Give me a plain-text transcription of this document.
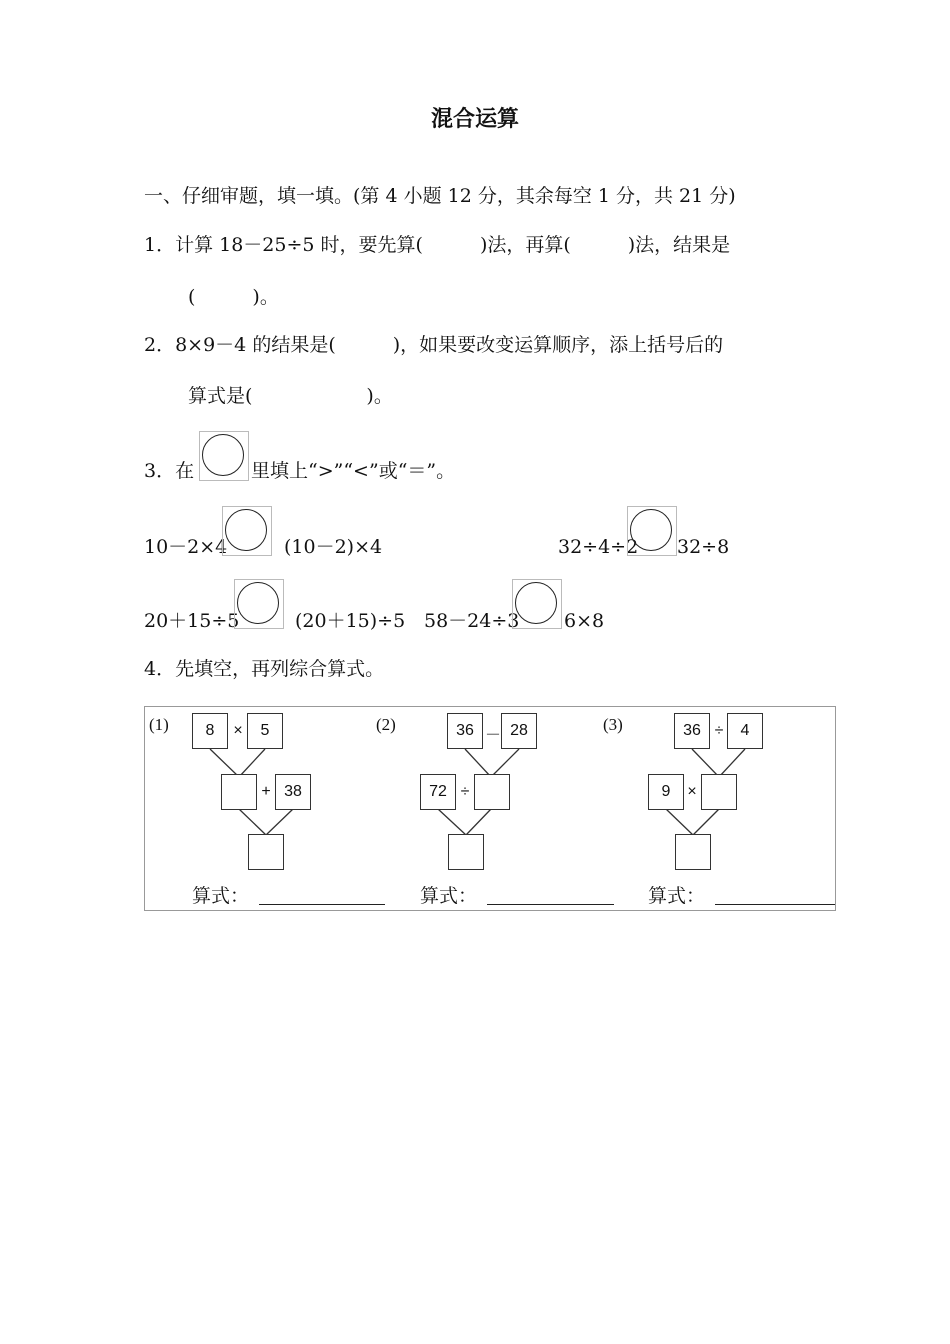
混合运算
一、仔细审题，填一填。(第 4 小题 12 分，其余每空 1 分，共 21 分)
1．计算 18－25÷5 时，要先算(　　　)法，再算(　　　)法，结果是
(　　　)。
2．8×9－4 的结果是(　　　)，如果要改变运算顺序，添上括号后的
算式是(　　　　　　)。
3．在	里填上“>”“<”或“＝”。
10－2×4	(10－2)×4	32÷4÷2 32÷8
20＋15÷5	(20＋15)÷5 58－24÷3 6×8
4．先填空，再列综合算式。
(1)	8	×	5
+ 38
算式：
(2)	36 － 28
72 ÷
算式：
(3)	36 ÷	4
9	×
算式：
